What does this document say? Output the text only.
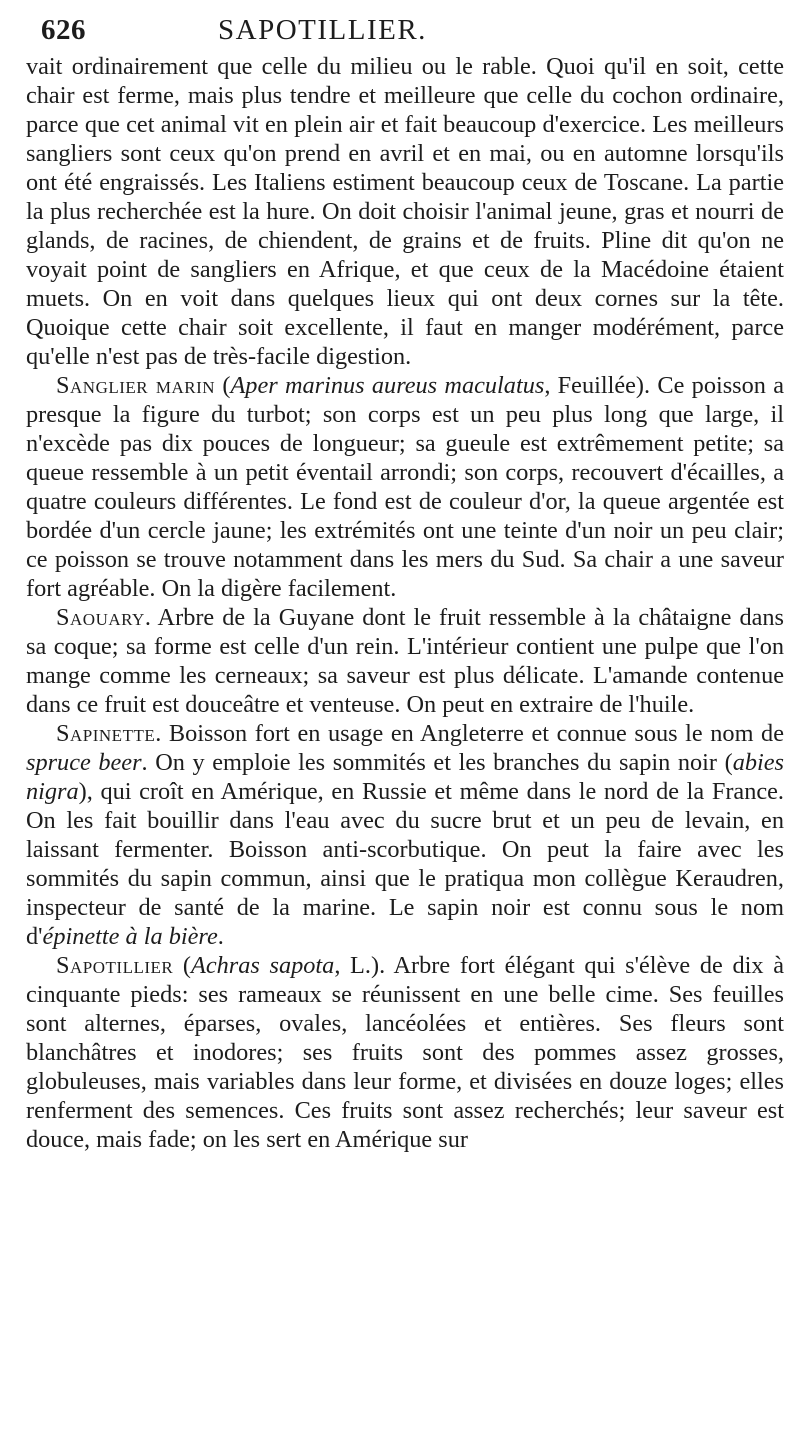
626	SAPOTILLIER.

vait ordinairement que celle du milieu ou le rable. Quoi qu'il en soit, cette chair est ferme, mais plus tendre et meilleure que celle du cochon ordinaire, parce que cet animal vit en plein air et fait beaucoup d'exercice. Les meilleurs sangliers sont ceux qu'on prend en avril et en mai, ou en automne lorsqu'ils ont été engraissés. Les Italiens estiment beaucoup ceux de Toscane. La partie la plus recherchée est la hure. On doit choisir l'animal jeune, gras et nourri de glands, de racines, de chiendent, de grains et de fruits. Pline dit qu'on ne voyait point de sangliers en Afrique, et que ceux de la Macédoine étaient muets. On en voit dans quelques lieux qui ont deux cornes sur la tête. Quoique cette chair soit excellente, il faut en manger modérément, parce qu'elle n'est pas de très-facile digestion.

Sanglier marin (Aper marinus aureus maculatus, Feuillée). Ce poisson a presque la figure du turbot; son corps est un peu plus long que large, il n'excède pas dix pouces de longueur; sa gueule est extrêmement petite; sa queue ressemble à un petit éventail arrondi; son corps, recouvert d'écailles, a quatre couleurs différentes. Le fond est de couleur d'or, la queue argentée est bordée d'un cercle jaune; les extrémités ont une teinte d'un noir un peu clair; ce poisson se trouve notamment dans les mers du Sud. Sa chair a une saveur fort agréable. On la digère facilement.

Saouary. Arbre de la Guyane dont le fruit ressemble à la châtaigne dans sa coque; sa forme est celle d'un rein. L'intérieur contient une pulpe que l'on mange comme les cerneaux; sa saveur est plus délicate. L'amande contenue dans ce fruit est douceâtre et venteuse. On peut en extraire de l'huile.

Sapinette. Boisson fort en usage en Angleterre et connue sous le nom de spruce beer. On y emploie les sommités et les branches du sapin noir (abies nigra), qui croît en Amérique, en Russie et même dans le nord de la France. On les fait bouillir dans l'eau avec du sucre brut et un peu de levain, en laissant fermenter. Boisson anti-scorbutique. On peut la faire avec les sommités du sapin commun, ainsi que le pratiqua mon collègue Keraudren, inspecteur de santé de la marine. Le sapin noir est connu sous le nom d'épinette à la bière.

Sapotillier (Achras sapota, L.). Arbre fort élégant qui s'élève de dix à cinquante pieds: ses rameaux se réunissent en une belle cime. Ses feuilles sont alternes, éparses, ovales, lancéolées et entières. Ses fleurs sont blanchâtres et inodores; ses fruits sont des pommes assez grosses, globuleuses, mais variables dans leur forme, et divisées en douze loges; elles renferment des semences. Ces fruits sont assez recherchés; leur saveur est douce, mais fade; on les sert en Amérique sur
